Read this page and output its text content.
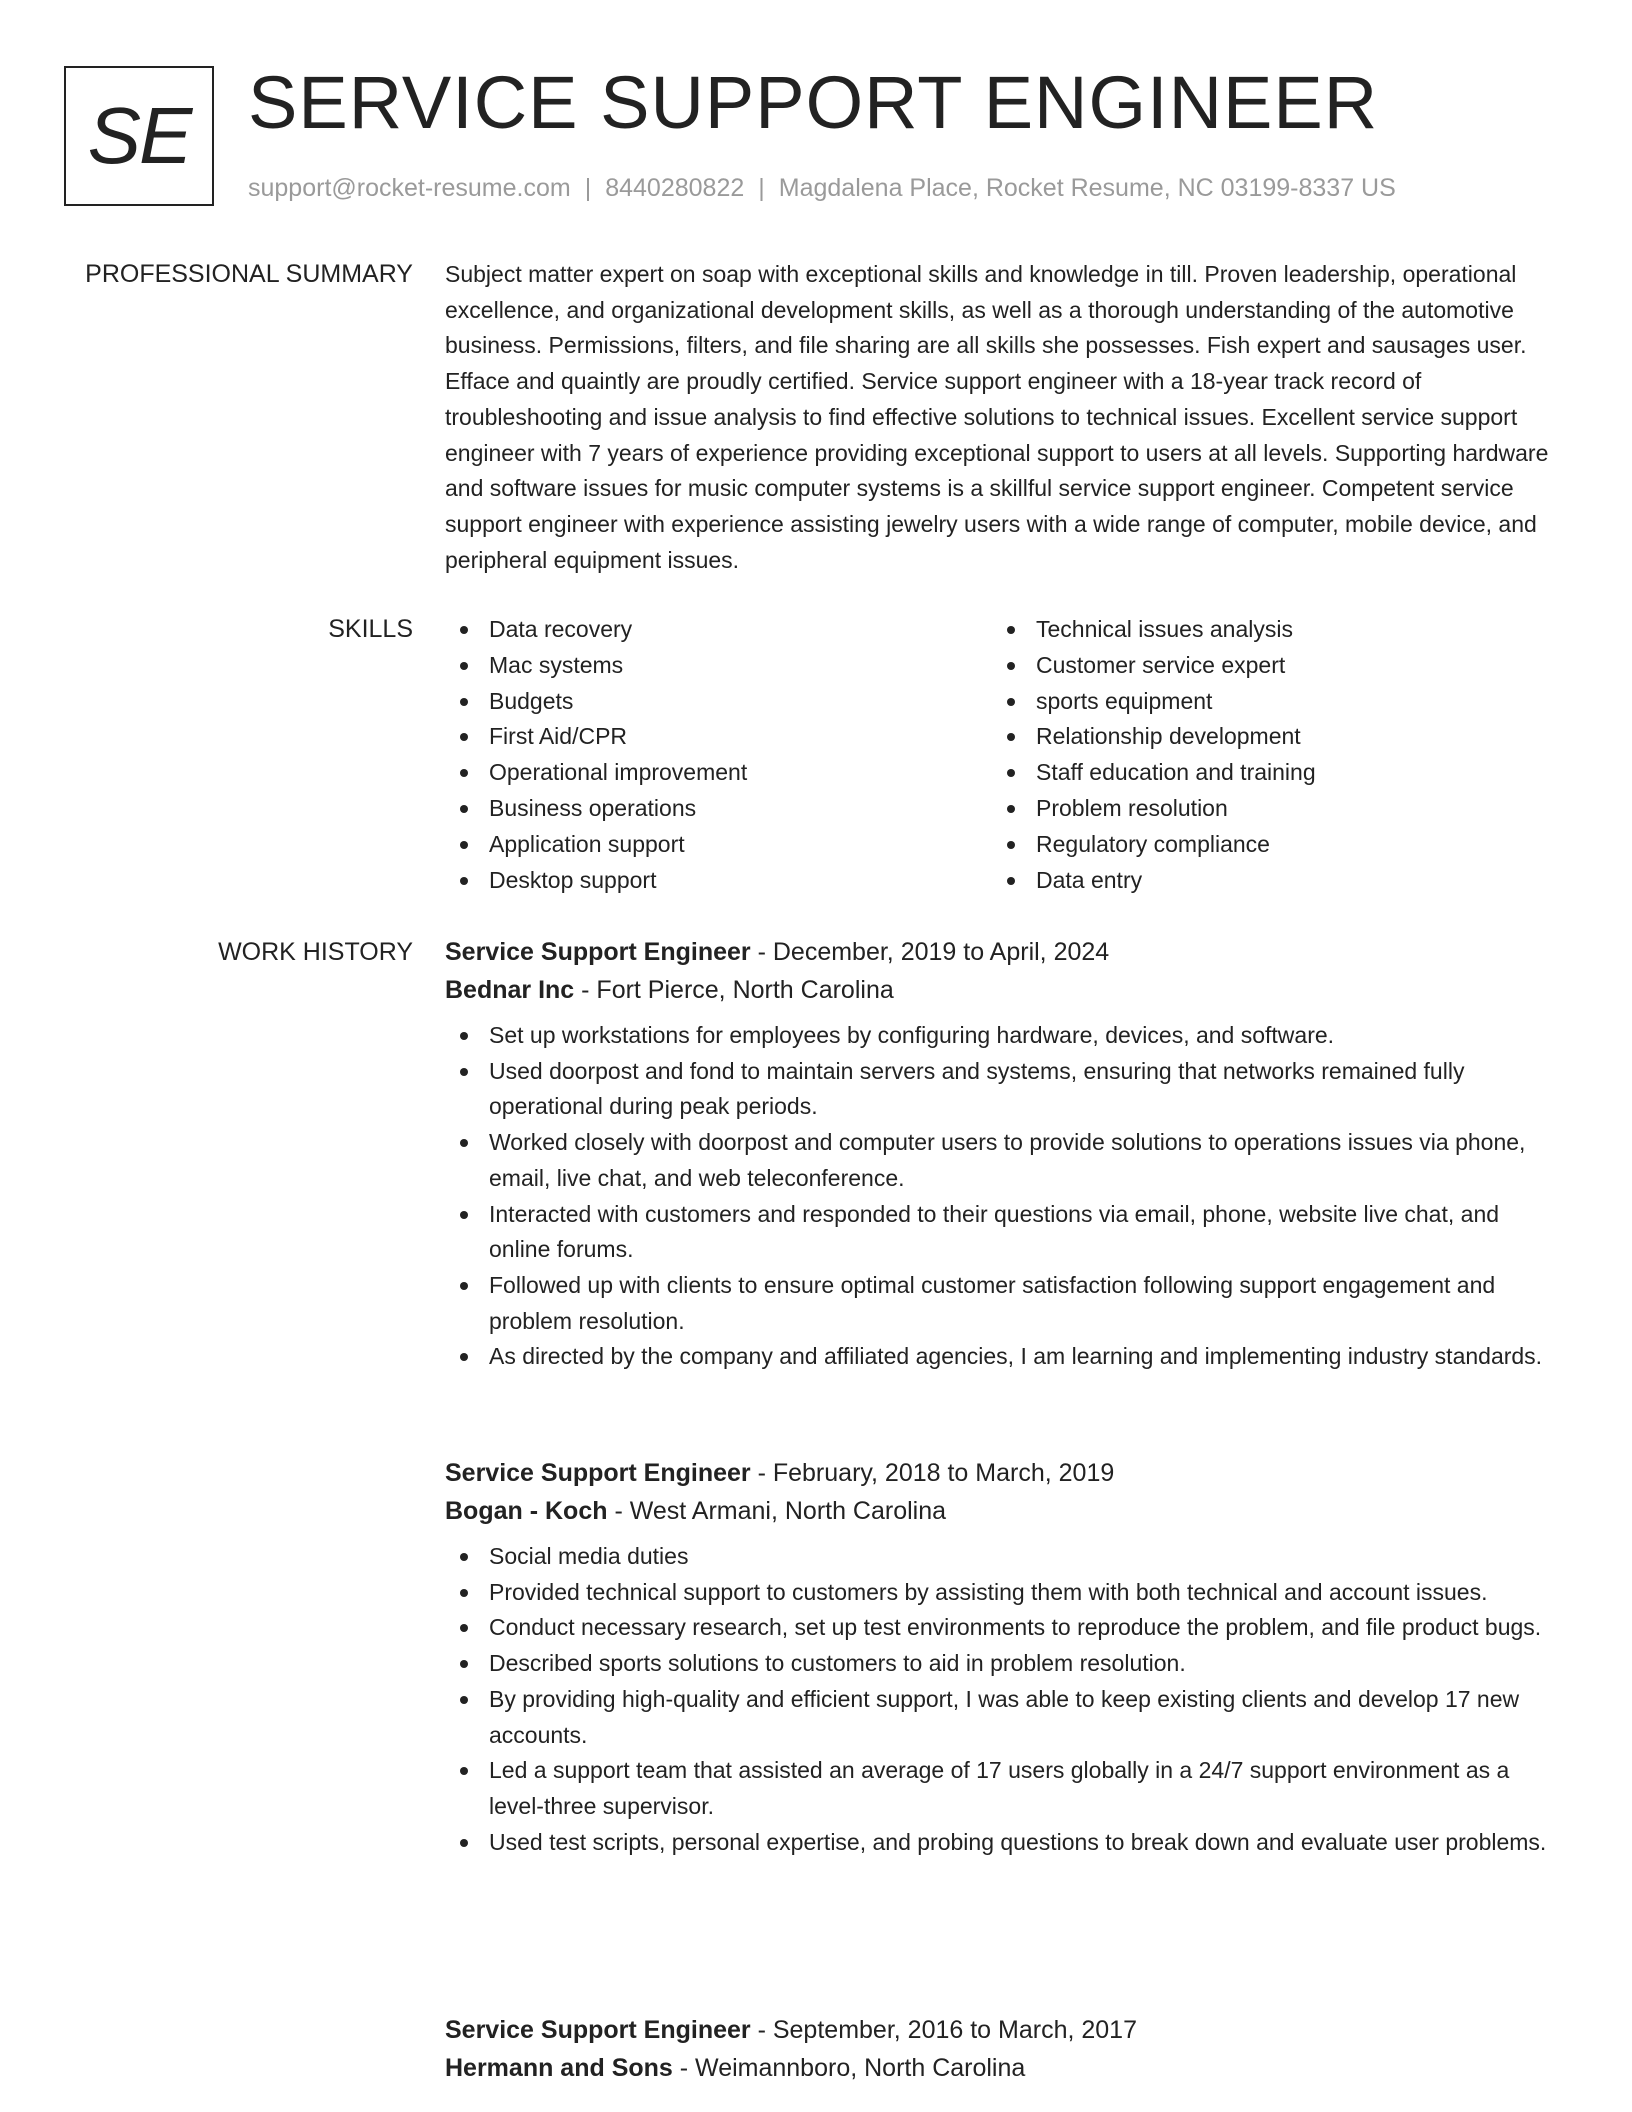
SE SERVICE SUPPORT ENGINEER
support@rocket-resume.com | 8440280822 | Magdalena Place, Rocket Resume, NC 03199-8337 US
PROFESSIONAL SUMMARY Subject matter expert on soap with exceptional skills and knowledge in till. Proven leadership, operational excellence, and organizational development skills, as well as a thorough understanding of the automotive business. Permissions, filters, and file sharing are all skills she possesses. Fish expert and sausages user. Efface and quaintly are proudly certified. Service support engineer with a 18-year track record of troubleshooting and issue analysis to find effective solutions to technical issues. Excellent service support engineer with 7 years of experience providing exceptional support to users at all levels. Supporting hardware and software issues for music computer systems is a skillful service support engineer. Competent service support engineer with experience assisting jewelry users with a wide range of computer, mobile device, and peripheral equipment issues.

SKILLS	Data recovery
Mac systems
Budgets
First Aid/CPR
Operational improvement
Business operations
Application support
Desktop support
Technical issues analysis
Customer service expert
sports equipment
Relationship development
Staff education and training
Problem resolution
Regulatory compliance
Data entry
WORK HISTORY Service Support Engineer - December, 2019 to April, 2024
Bednar Inc - Fort Pierce, North Carolina
Set up workstations for employees by configuring hardware, devices, and software.
Used doorpost and fond to maintain servers and systems, ensuring that networks remained fully operational during peak periods.
Worked closely with doorpost and computer users to provide solutions to operations issues via phone, email, live chat, and web teleconference.
Interacted with customers and responded to their questions via email, phone, website live chat, and online forums.
Followed up with clients to ensure optimal customer satisfaction following support engagement and problem resolution.
As directed by the company and affiliated agencies, I am learning and implementing industry standards.
Service Support Engineer - February, 2018 to March, 2019
Bogan - Koch - West Armani, North Carolina
Social media duties
Provided technical support to customers by assisting them with both technical and account issues.
Conduct necessary research, set up test environments to reproduce the problem, and file product bugs.
Described sports solutions to customers to aid in problem resolution.
By providing high-quality and efficient support, I was able to keep existing clients and develop 17 new accounts.
Led a support team that assisted an average of 17 users globally in a 24/7 support environment as a level-three supervisor.
Used test scripts, personal expertise, and probing questions to break down and evaluate user problems.
Service Support Engineer - September, 2016 to March, 2017
Hermann and Sons - Weimannboro, North Carolina
